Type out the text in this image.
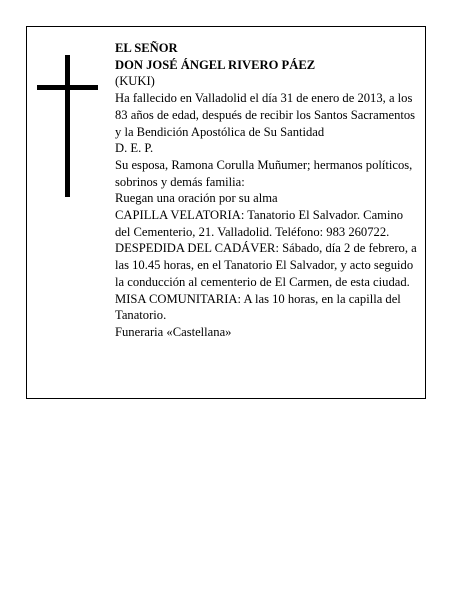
EL SEÑOR

DON JOSÉ ÁNGEL RIVERO PÁEZ

(KUKI)

Ha fallecido en Valladolid el día 31 de enero de 2013, a los 83 años de edad, después de recibir los Santos Sacramentos y la Bendición Apostólica de Su Santidad

D. E. P.

Su esposa, Ramona Corulla Muñumer; hermanos políticos, sobrinos y demás familia:

Ruegan una oración por su alma

CAPILLA VELATORIA: Tanatorio El Salvador. Camino del Cementerio, 21. Valladolid. Teléfono: 983 260722.

DESPEDIDA DEL CADÁVER: Sábado, día 2 de febrero, a las 10.45 horas, en el Tanatorio El Salvador, y acto seguido la conducción al cementerio de El Carmen, de esta ciudad.

MISA COMUNITARIA: A las 10 horas, en la capilla del Tanatorio.

Funeraria «Castellana»
